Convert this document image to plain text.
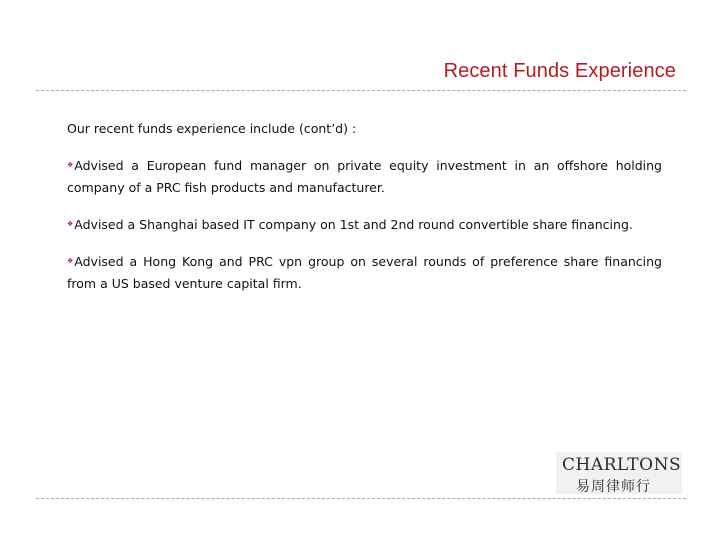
Recent Funds Experience

Our recent funds experience include (cont’d) :

❖Advised a European fund manager on private equity investment in an offshore holding company of a PRC fish products and manufacturer.

❖Advised a Shanghai based IT company on 1st and 2nd round convertible share financing.

❖Advised a Hong Kong and PRC vpn group on several rounds of preference share financing from a US based venture capital firm.

CHARLTONS
易周律师行
